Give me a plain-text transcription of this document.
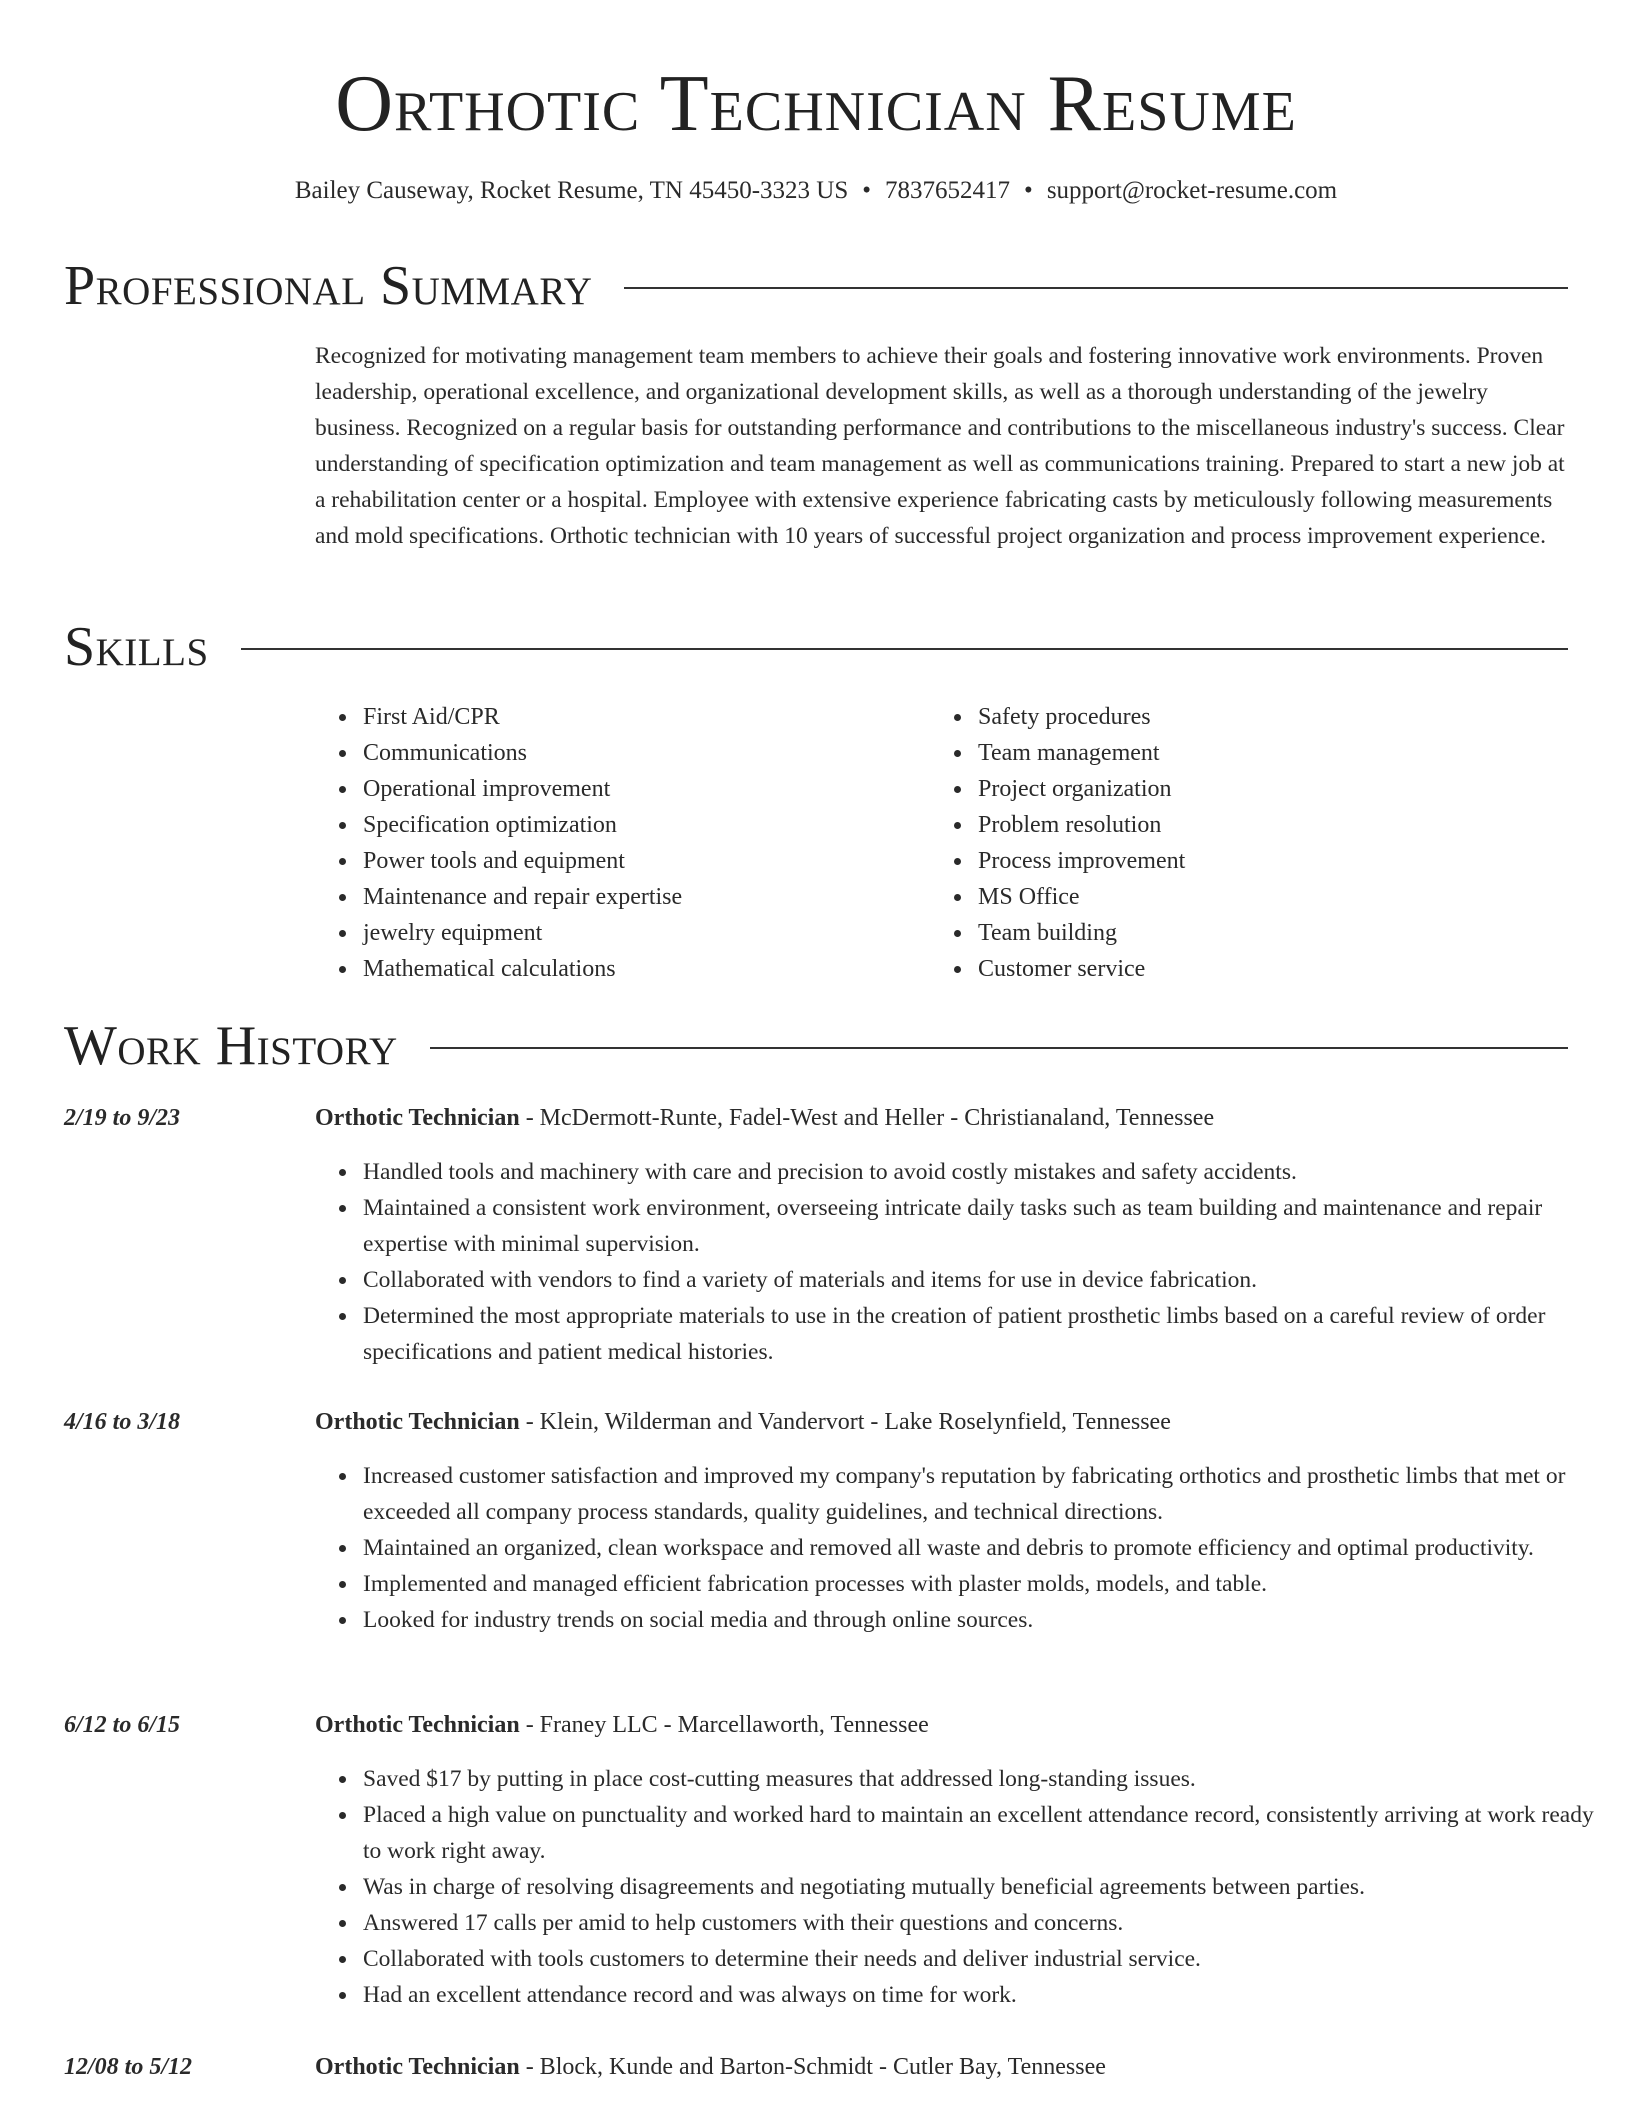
Orthotic Technician Resume
Bailey Causeway, Rocket Resume, TN 45450-3323 US • 7837652417 • support@rocket-resume.com
Professional Summary

Recognized for motivating management team members to achieve their goals and fostering innovative work environments. Proven leadership, operational excellence, and organizational development skills, as well as a thorough understanding of the jewelry business. Recognized on a regular basis for outstanding performance and contributions to the miscellaneous industry's success. Clear understanding of specification optimization and team management as well as communications training. Prepared to start a new job at a rehabilitation center or a hospital. Employee with extensive experience fabricating casts by meticulously following measurements and mold specifications. Orthotic technician with 10 years of successful project organization and process improvement experience.

Skills
• First Aid/CPR
• Communications
• Operational improvement
• Specification optimization
• Power tools and equipment
• Maintenance and repair expertise
• jewelry equipment
• Mathematical calculations
• Safety procedures
• Team management
• Project organization
• Problem resolution
• Process improvement
• MS Office
• Team building
• Customer service
Work History
2/19 to 9/23	Orthotic Technician - McDermott-Runte, Fadel-West and Heller - Christianaland, Tennessee
• Handled tools and machinery with care and precision to avoid costly mistakes and safety accidents.
• Maintained a consistent work environment, overseeing intricate daily tasks such as team building and maintenance and repair expertise with minimal supervision.
• Collaborated with vendors to find a variety of materials and items for use in device fabrication.
• Determined the most appropriate materials to use in the creation of patient prosthetic limbs based on a careful review of order specifications and patient medical histories.
4/16 to 3/18	Orthotic Technician - Klein, Wilderman and Vandervort - Lake Roselynfield, Tennessee
• Increased customer satisfaction and improved my company's reputation by fabricating orthotics and prosthetic limbs that met or exceeded all company process standards, quality guidelines, and technical directions.
• Maintained an organized, clean workspace and removed all waste and debris to promote efficiency and optimal productivity.
• Implemented and managed efficient fabrication processes with plaster molds, models, and table.
• Looked for industry trends on social media and through online sources.
6/12 to 6/15	Orthotic Technician - Franey LLC - Marcellaworth, Tennessee
• Saved $17 by putting in place cost-cutting measures that addressed long-standing issues.
• Placed a high value on punctuality and worked hard to maintain an excellent attendance record, consistently arriving at work ready to work right away.
• Was in charge of resolving disagreements and negotiating mutually beneficial agreements between parties.
• Answered 17 calls per amid to help customers with their questions and concerns.
• Collaborated with tools customers to determine their needs and deliver industrial service.
• Had an excellent attendance record and was always on time for work.
12/08 to 5/12	Orthotic Technician - Block, Kunde and Barton-Schmidt - Cutler Bay, Tennessee
